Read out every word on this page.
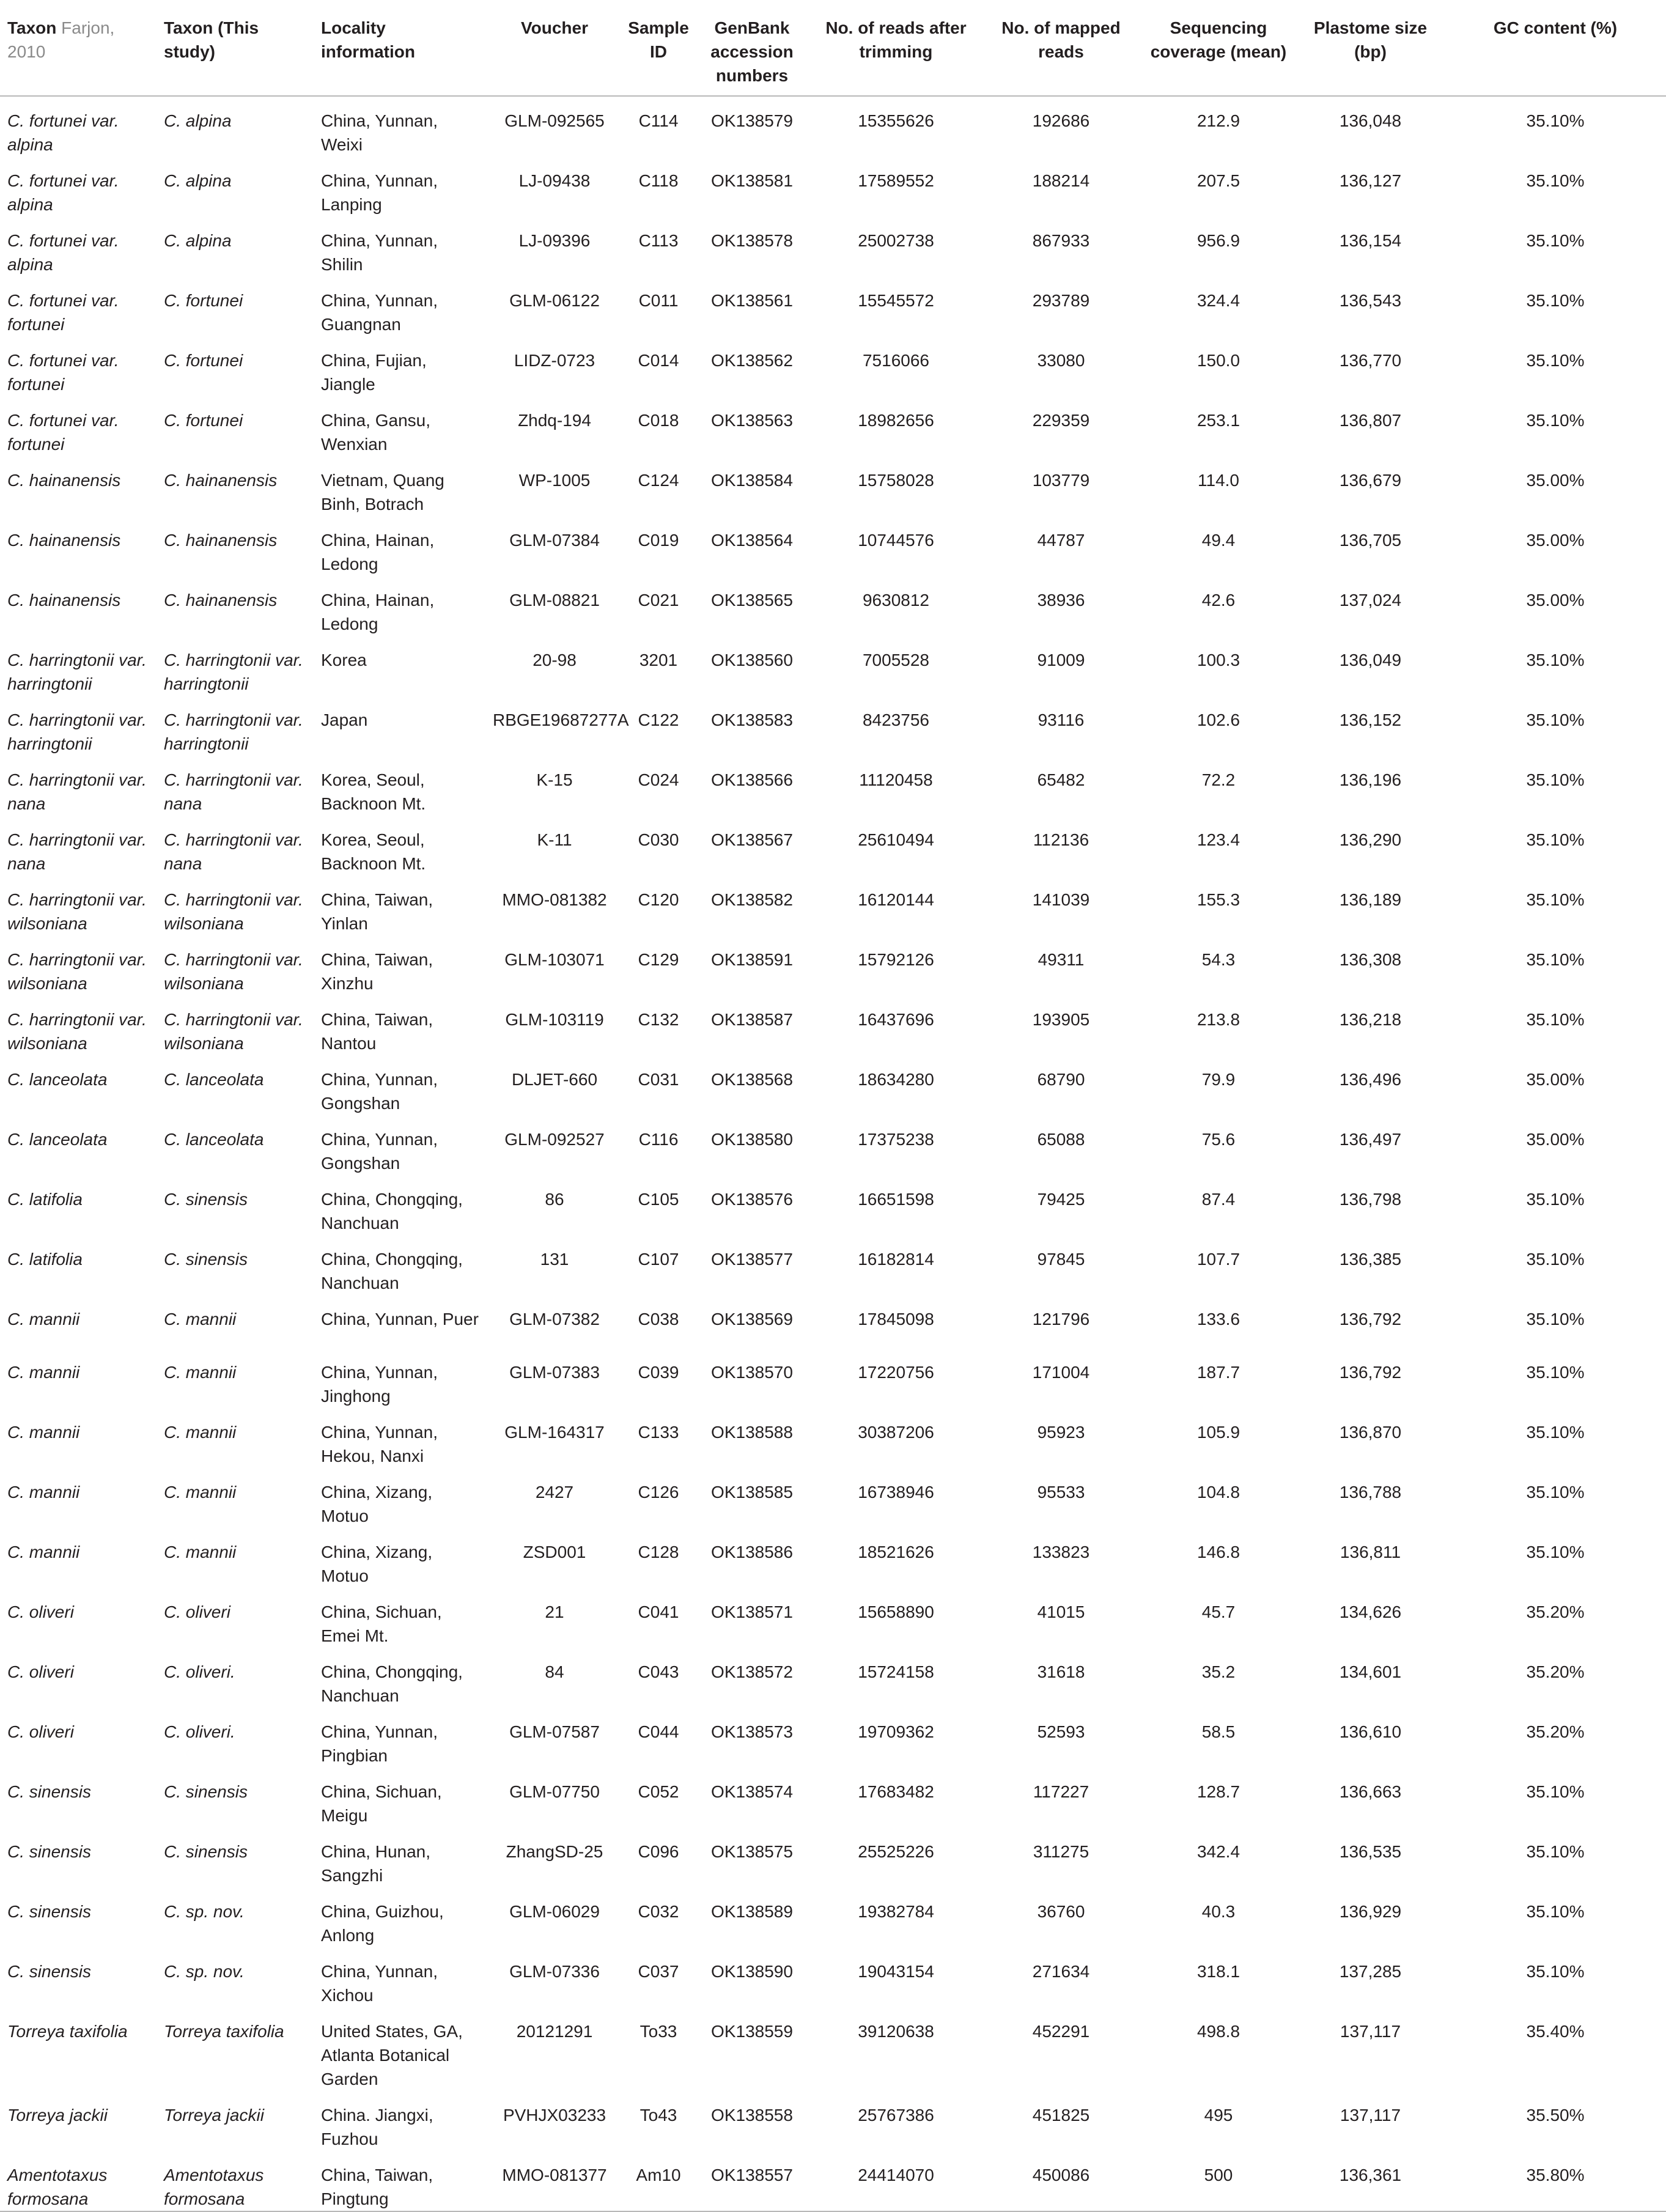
Taxon Farjon, 2010	Taxon (This study)	Locality information	Voucher	Sample ID	GenBank accession numbers	No. of reads after trimming	No. of mapped reads	Sequencing coverage (mean)	Plastome size (bp)	GC content (%)
C. fortunei var. alpina	C. alpina	China, Yunnan, Weixi	GLM-092565	C114	OK138579	15355626	192686	212.9	136,048	35.10%
C. fortunei var. alpina	C. alpina	China, Yunnan, Lanping	LJ-09438	C118	OK138581	17589552	188214	207.5	136,127	35.10%
C. fortunei var. alpina	C. alpina	China, Yunnan, Shilin	LJ-09396	C113	OK138578	25002738	867933	956.9	136,154	35.10%
C. fortunei var. fortunei	C. fortunei	China, Yunnan, Guangnan	GLM-06122	C011	OK138561	15545572	293789	324.4	136,543	35.10%
C. fortunei var. fortunei	C. fortunei	China, Fujian, Jiangle	LIDZ-0723	C014	OK138562	7516066	33080	150.0	136,770	35.10%
C. fortunei var. fortunei	C. fortunei	China, Gansu, Wenxian	Zhdq-194	C018	OK138563	18982656	229359	253.1	136,807	35.10%
C. hainanensis	C. hainanensis	Vietnam, Quang Binh, Botrach	WP-1005	C124	OK138584	15758028	103779	114.0	136,679	35.00%
C. hainanensis	C. hainanensis	China, Hainan, Ledong	GLM-07384	C019	OK138564	10744576	44787	49.4	136,705	35.00%
C. hainanensis	C. hainanensis	China, Hainan, Ledong	GLM-08821	C021	OK138565	9630812	38936	42.6	137,024	35.00%
C. harringtonii var. harringtonii	C. harringtonii var. harringtonii	Korea	20-98	3201	OK138560	7005528	91009	100.3	136,049	35.10%
C. harringtonii var. harringtonii	C. harringtonii var. harringtonii	Japan	RBGE19687277A	C122	OK138583	8423756	93116	102.6	136,152	35.10%
C. harringtonii var. nana	C. harringtonii var. nana	Korea, Seoul, Backnoon Mt.	K-15	C024	OK138566	11120458	65482	72.2	136,196	35.10%
C. harringtonii var. nana	C. harringtonii var. nana	Korea, Seoul, Backnoon Mt.	K-11	C030	OK138567	25610494	112136	123.4	136,290	35.10%
C. harringtonii var. wilsoniana	C. harringtonii var. wilsoniana	China, Taiwan, Yinlan	MMO-081382	C120	OK138582	16120144	141039	155.3	136,189	35.10%
C. harringtonii var. wilsoniana	C. harringtonii var. wilsoniana	China, Taiwan, Xinzhu	GLM-103071	C129	OK138591	15792126	49311	54.3	136,308	35.10%
C. harringtonii var. wilsoniana	C. harringtonii var. wilsoniana	China, Taiwan, Nantou	GLM-103119	C132	OK138587	16437696	193905	213.8	136,218	35.10%
C. lanceolata	C. lanceolata	China, Yunnan, Gongshan	DLJET-660	C031	OK138568	18634280	68790	79.9	136,496	35.00%
C. lanceolata	C. lanceolata	China, Yunnan, Gongshan	GLM-092527	C116	OK138580	17375238	65088	75.6	136,497	35.00%
C. latifolia	C. sinensis	China, Chongqing, Nanchuan	86	C105	OK138576	16651598	79425	87.4	136,798	35.10%
C. latifolia	C. sinensis	China, Chongqing, Nanchuan	131	C107	OK138577	16182814	97845	107.7	136,385	35.10%
C. mannii	C. mannii	China, Yunnan, Puer	GLM-07382	C038	OK138569	17845098	121796	133.6	136,792	35.10%
C. mannii	C. mannii	China, Yunnan, Jinghong	GLM-07383	C039	OK138570	17220756	171004	187.7	136,792	35.10%
C. mannii	C. mannii	China, Yunnan, Hekou, Nanxi	GLM-164317	C133	OK138588	30387206	95923	105.9	136,870	35.10%
C. mannii	C. mannii	China, Xizang, Motuo	2427	C126	OK138585	16738946	95533	104.8	136,788	35.10%
C. mannii	C. mannii	China, Xizang, Motuo	ZSD001	C128	OK138586	18521626	133823	146.8	136,811	35.10%
C. oliveri	C. oliveri	China, Sichuan, Emei Mt.	21	C041	OK138571	15658890	41015	45.7	134,626	35.20%
C. oliveri	C. oliveri.	China, Chongqing, Nanchuan	84	C043	OK138572	15724158	31618	35.2	134,601	35.20%
C. oliveri	C. oliveri.	China, Yunnan, Pingbian	GLM-07587	C044	OK138573	19709362	52593	58.5	136,610	35.20%
C. sinensis	C. sinensis	China, Sichuan, Meigu	GLM-07750	C052	OK138574	17683482	117227	128.7	136,663	35.10%
C. sinensis	C. sinensis	China, Hunan, Sangzhi	ZhangSD-25	C096	OK138575	25525226	311275	342.4	136,535	35.10%
C. sinensis	C. sp. nov.	China, Guizhou, Anlong	GLM-06029	C032	OK138589	19382784	36760	40.3	136,929	35.10%
C. sinensis	C. sp. nov.	China, Yunnan, Xichou	GLM-07336	C037	OK138590	19043154	271634	318.1	137,285	35.10%
Torreya taxifolia	Torreya taxifolia	United States, GA, Atlanta Botanical Garden	20121291	To33	OK138559	39120638	452291	498.8	137,117	35.40%
Torreya jackii	Torreya jackii	China. Jiangxi, Fuzhou	PVHJX03233	To43	OK138558	25767386	451825	495	137,117	35.50%
Amentotaxus formosana	Amentotaxus formosana	China, Taiwan, Pingtung	MMO-081377	Am10	OK138557	24414070	450086	500	136,361	35.80%
